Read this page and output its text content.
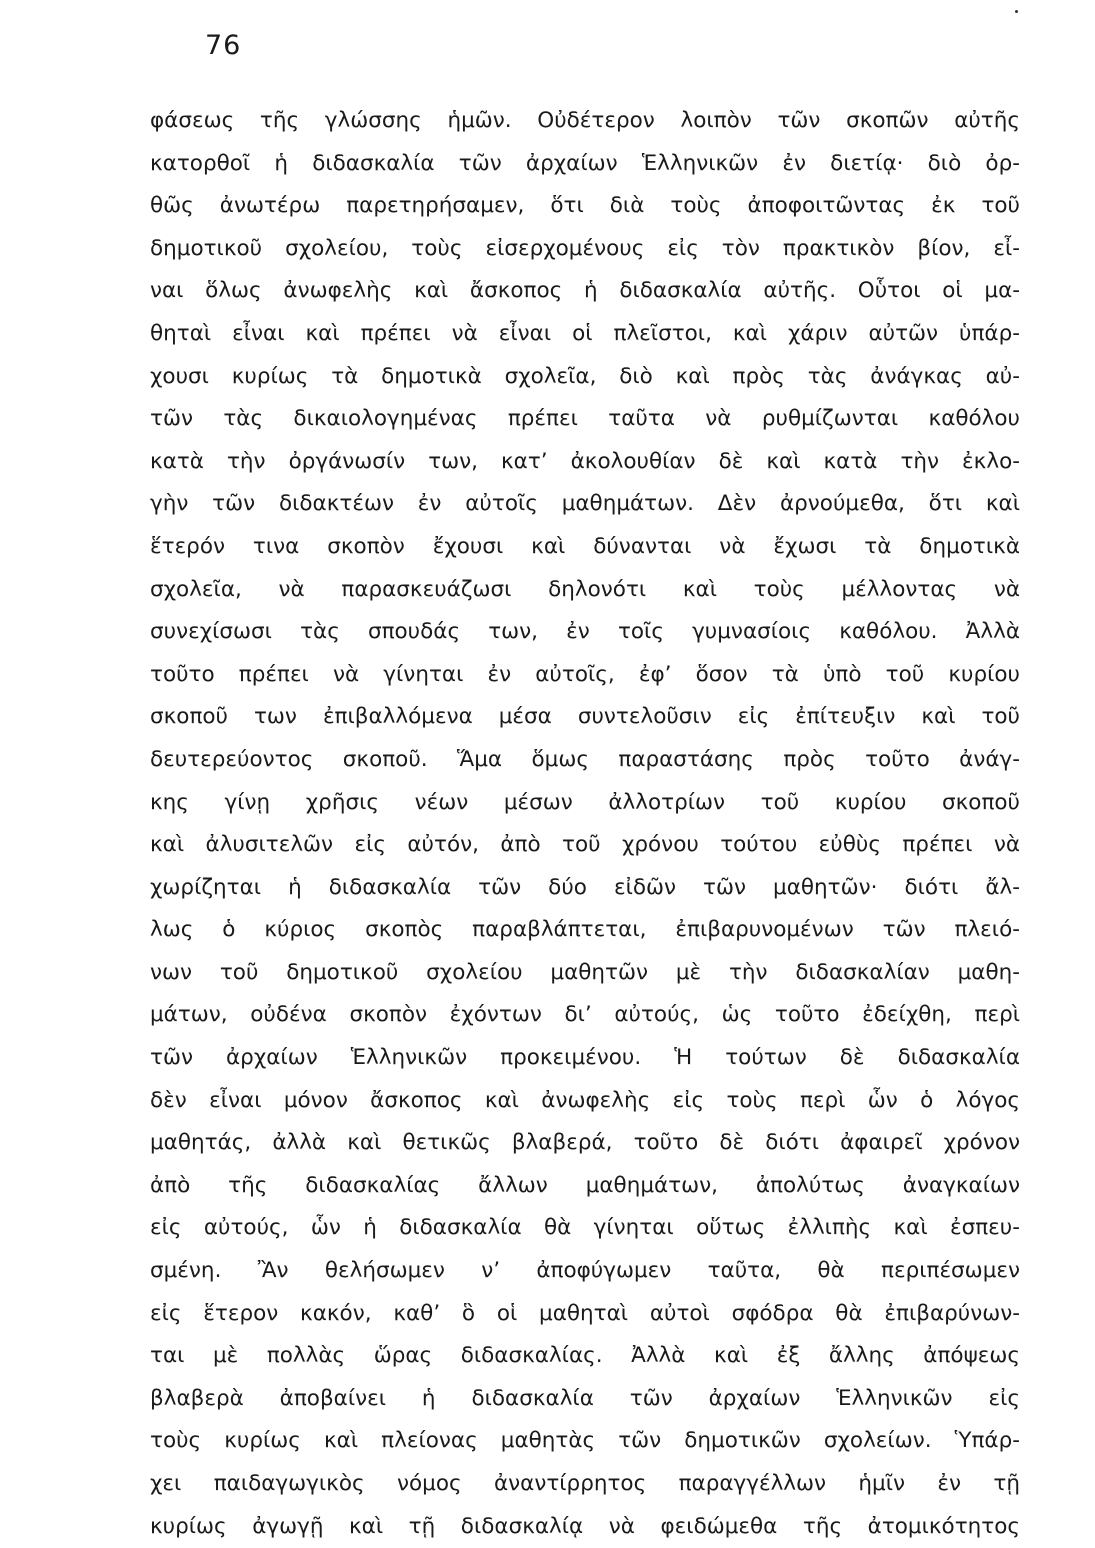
76
φάσεως τῆς γλώσσης ἡμῶν. Οὐδέτερον λοιπὸν τῶν σκοπῶν αὐτῆς
κατορθοῖ ἡ διδασκαλία τῶν ἀρχαίων Ἑλληνικῶν ἐν διετίᾳ· διὸ ὀρ-
θῶς ἀνωτέρω παρετηρήσαμεν, ὅτι διὰ τοὺς ἀποφοιτῶντας ἐκ τοῦ
δημοτικοῦ σχολείου, τοὺς εἰσερχομένους εἰς τὸν πρακτικὸν βίον, εἶ-
ναι ὅλως ἀνωφελὴς καὶ ἄσκοπος ἡ διδασκαλία αὐτῆς. Οὗτοι οἱ μα-
θηταὶ εἶναι καὶ πρέπει νὰ εἶναι οἱ πλεῖστοι, καὶ χάριν αὐτῶν ὑπάρ-
χουσι κυρίως τὰ δημοτικὰ σχολεῖα, διὸ καὶ πρὸς τὰς ἀνάγκας αὐ-
τῶν τὰς δικαιολογημένας πρέπει ταῦτα νὰ ρυθμίζωνται καθόλου
κατὰ τὴν ὀργάνωσίν των, κατ’ ἀκολουθίαν δὲ καὶ κατὰ τὴν ἐκλο-
γὴν τῶν διδακτέων ἐν αὐτοῖς μαθημάτων. Δὲν ἀρνούμεθα, ὅτι καὶ
ἕτερόν τινα σκοπὸν ἔχουσι καὶ δύνανται νὰ ἔχωσι τὰ δημοτικὰ
σχολεῖα, νὰ παρασκευάζωσι δηλονότι καὶ τοὺς μέλλοντας νὰ
συνεχίσωσι τὰς σπουδάς των, ἐν τοῖς γυμνασίοις καθόλου. Ἀλλὰ
τοῦτο πρέπει νὰ γίνηται ἐν αὐτοῖς, ἐφ’ ὅσον τὰ ὑπὸ τοῦ κυρίου
σκοποῦ των ἐπιβαλλόμενα μέσα συντελοῦσιν εἰς ἐπίτευξιν καὶ τοῦ
δευτερεύοντος σκοποῦ. Ἅμα ὅμως παραστάσης πρὸς τοῦτο ἀνάγ-
κης γίνῃ χρῆσις νέων μέσων ἀλλοτρίων τοῦ κυρίου σκοποῦ
καὶ ἀλυσιτελῶν εἰς αὐτόν, ἀπὸ τοῦ χρόνου τούτου εὐθὺς πρέπει νὰ
χωρίζηται ἡ διδασκαλία τῶν δύο εἰδῶν τῶν μαθητῶν· διότι ἄλ-
λως ὁ κύριος σκοπὸς παραβλάπτεται, ἐπιβαρυνομένων τῶν πλειό-
νων τοῦ δημοτικοῦ σχολείου μαθητῶν μὲ τὴν διδασκαλίαν μαθη-
μάτων, οὐδένα σκοπὸν ἐχόντων δι’ αὐτούς, ὡς τοῦτο ἐδείχθη, περὶ
τῶν ἀρχαίων Ἑλληνικῶν προκειμένου. Ἡ τούτων δὲ διδασκαλία
δὲν εἶναι μόνον ἄσκοπος καὶ ἀνωφελὴς εἰς τοὺς περὶ ὧν ὁ λόγος
μαθητάς, ἀλλὰ καὶ θετικῶς βλαβερά, τοῦτο δὲ διότι ἀφαιρεῖ χρόνον
ἀπὸ τῆς διδασκαλίας ἄλλων μαθημάτων, ἀπολύτως ἀναγκαίων
εἰς αὐτούς, ὧν ἡ διδασκαλία θὰ γίνηται οὕτως ἐλλιπὴς καὶ ἐσπευ-
σμένη. Ἂν θελήσωμεν ν’ ἀποφύγωμεν ταῦτα, θὰ περιπέσωμεν
εἰς ἕτερον κακόν, καθ’ ὃ οἱ μαθηταὶ αὐτοὶ σφόδρα θὰ ἐπιβαρύνων-
ται μὲ πολλὰς ὥρας διδασκαλίας. Ἀλλὰ καὶ ἐξ ἄλλης ἀπόψεως
βλαβερὰ ἀποβαίνει ἡ διδασκαλία τῶν ἀρχαίων Ἑλληνικῶν εἰς
τοὺς κυρίως καὶ πλείονας μαθητὰς τῶν δημοτικῶν σχολείων. Ὑπάρ-
χει παιδαγωγικὸς νόμος ἀναντίρρητος παραγγέλλων ἡμῖν ἐν τῇ
κυρίως ἀγωγῇ καὶ τῇ διδασκαλίᾳ νὰ φειδώμεθα τῆς ἀτομικότητος
